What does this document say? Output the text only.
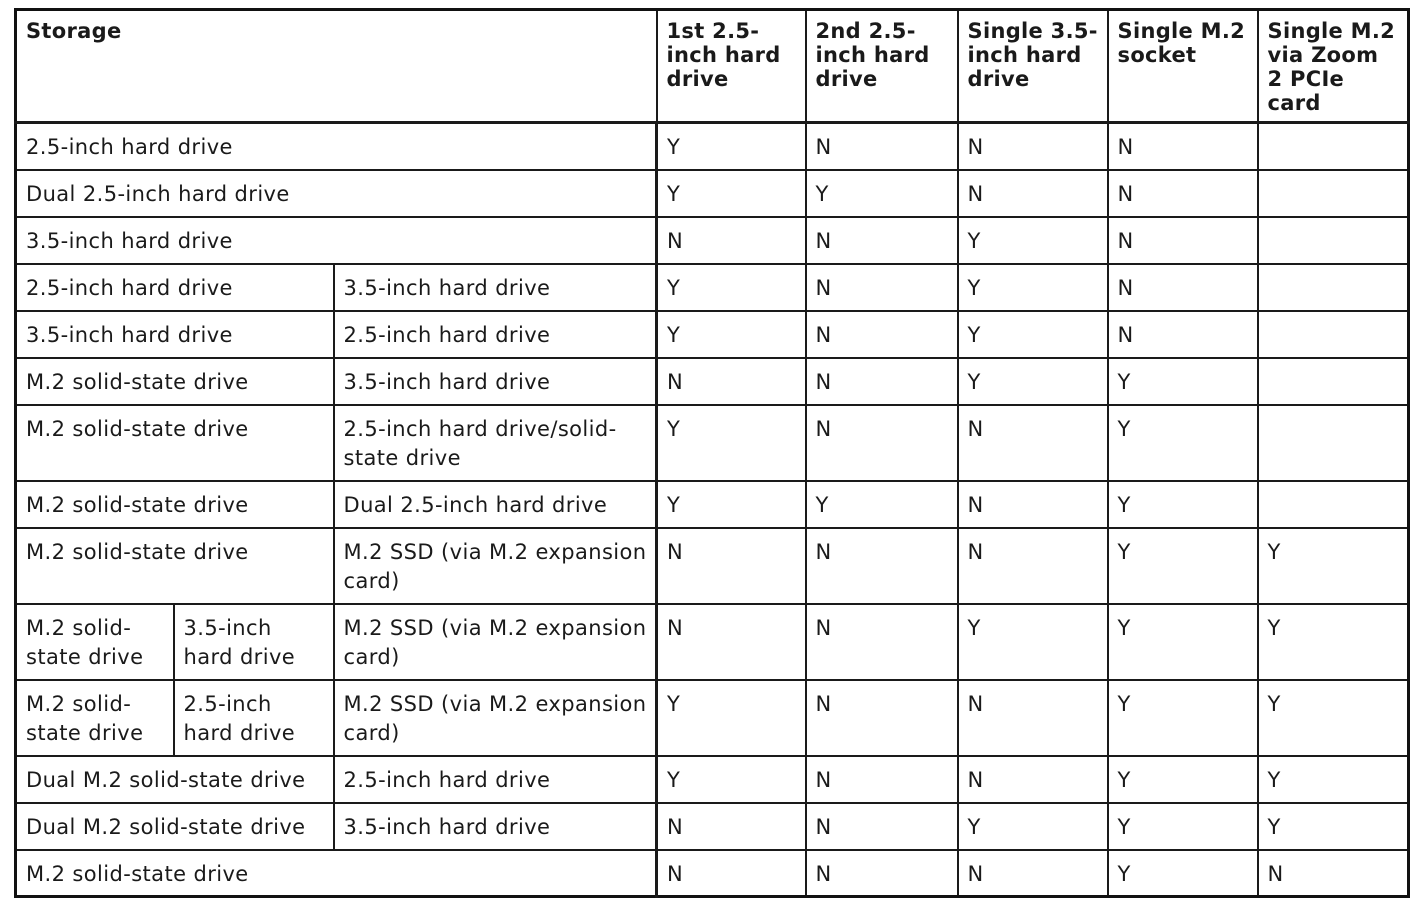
Storage			1st 2.5-inch hard drive	2nd 2.5-inch hard drive	Single 3.5-inch hard drive	Single M.2 socket	Single M.2 via Zoom 2 PCIe card
2.5-inch hard drive			Y	N	N	N	
Dual 2.5-inch hard drive			Y	Y	N	N	
3.5-inch hard drive			N	N	Y	N	
2.5-inch hard drive		3.5-inch hard drive	Y	N	Y	N	
3.5-inch hard drive		2.5-inch hard drive	Y	N	Y	N	
M.2 solid-state drive		3.5-inch hard drive	N	N	Y	Y	
M.2 solid-state drive		2.5-inch hard drive/solid-state drive	Y	N	N	Y	
M.2 solid-state drive		Dual 2.5-inch hard drive	Y	Y	N	Y	
M.2 solid-state drive		M.2 SSD (via M.2 expansion card)	N	N	N	Y	Y
M.2 solid-state drive	3.5-inch hard drive	M.2 SSD (via M.2 expansion card)	N	N	Y	Y	Y
M.2 solid-state drive	2.5-inch hard drive	M.2 SSD (via M.2 expansion card)	Y	N	N	Y	Y
Dual M.2 solid-state drive		2.5-inch hard drive	Y	N	N	Y	Y
Dual M.2 solid-state drive		3.5-inch hard drive	N	N	Y	Y	Y
M.2 solid-state drive			N	N	N	Y	N
